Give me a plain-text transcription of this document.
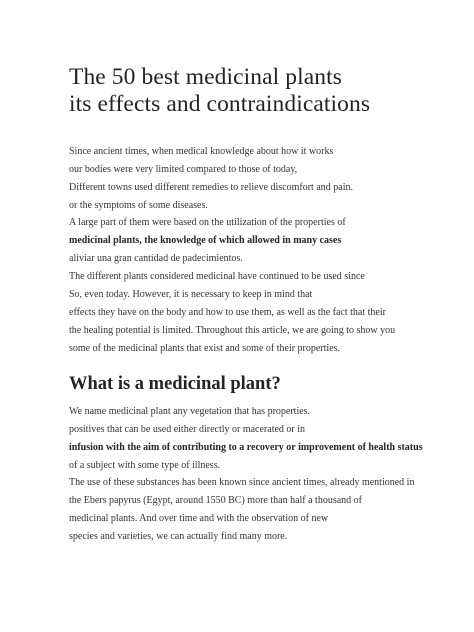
The 50 best medicinal plants
its effects and contraindications

Since ancient times, when medical knowledge about how it works
our bodies were very limited compared to those of today,
Different towns used different remedies to relieve discomfort and pain.
or the symptoms of some diseases.

A large part of them were based on the utilization of the properties of
medicinal plants, the knowledge of which allowed in many cases
aliviar una gran cantidad de padecimientos.

The different plants considered medicinal have continued to be used since
So, even today. However, it is necessary to keep in mind that
effects they have on the body and how to use them, as well as the fact that their
the healing potential is limited. Throughout this article, we are going to show you
some of the medicinal plants that exist and some of their properties.

What is a medicinal plant?

We name medicinal plant any vegetation that has properties.
positives that can be used either directly or macerated or in
infusion with the aim of contributing to a recovery or improvement of health status
of a subject with some type of illness.

The use of these substances has been known since ancient times, already mentioned in
the Ebers papyrus (Egypt, around 1550 BC) more than half a thousand of
medicinal plants. And over time and with the observation of new
species and varieties, we can actually find many more.
